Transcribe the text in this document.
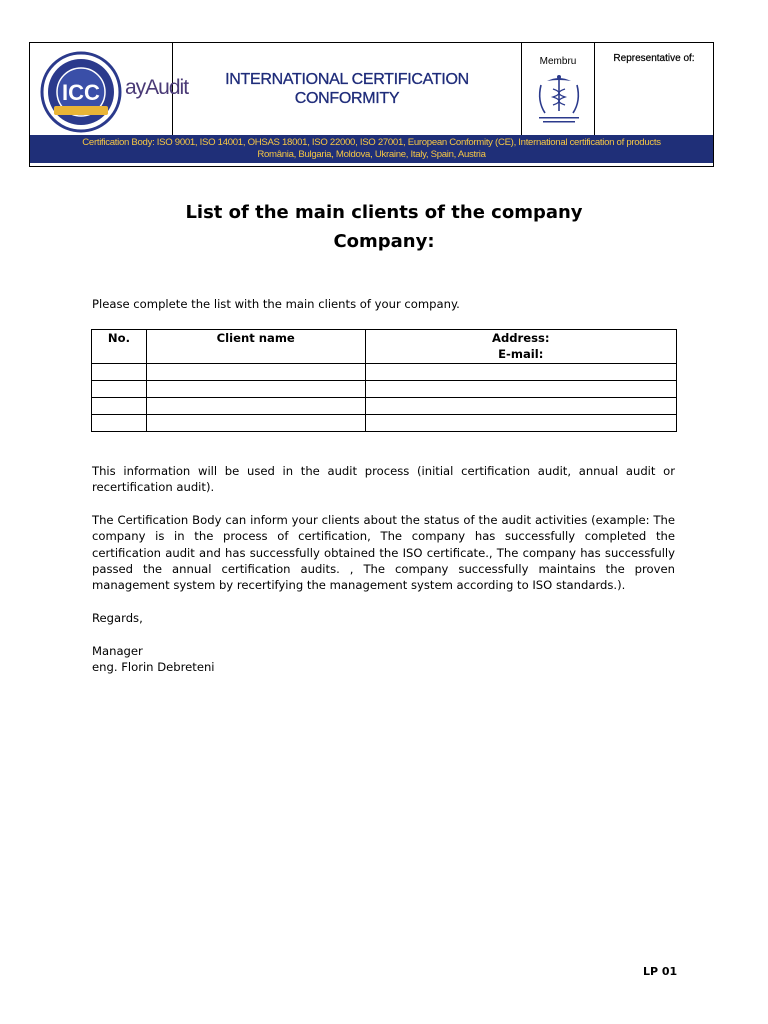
ICC ayAudit INTERNATIONAL CERTIFICATION
CONFORMITY
Membru	Representative of:
Certification Body: ISO 9001, ISO 14001, OHSAS 18001, ISO 22000, ISO 27001, European Conformity (CE), International certification of products
România, Bulgaria, Moldova, Ukraine, Italy, Spain, Austria
List of the main clients of the company
Company:
Please complete the list with the main clients of your company.
No.	Client name	Address:
E-mail:

This information will be used in the audit process (initial certification audit, annual audit or recertification audit).
The Certification Body can inform your clients about the status of the audit activities (example: The company is in the process of certification, The company has successfully completed the certification audit and has successfully obtained the ISO certificate., The company has successfully passed the annual certification audits. , The company successfully maintains the proven management system by recertifying the management system according to ISO standards.).
Regards,
Manager
eng. Florin Debreteni
LP 01
